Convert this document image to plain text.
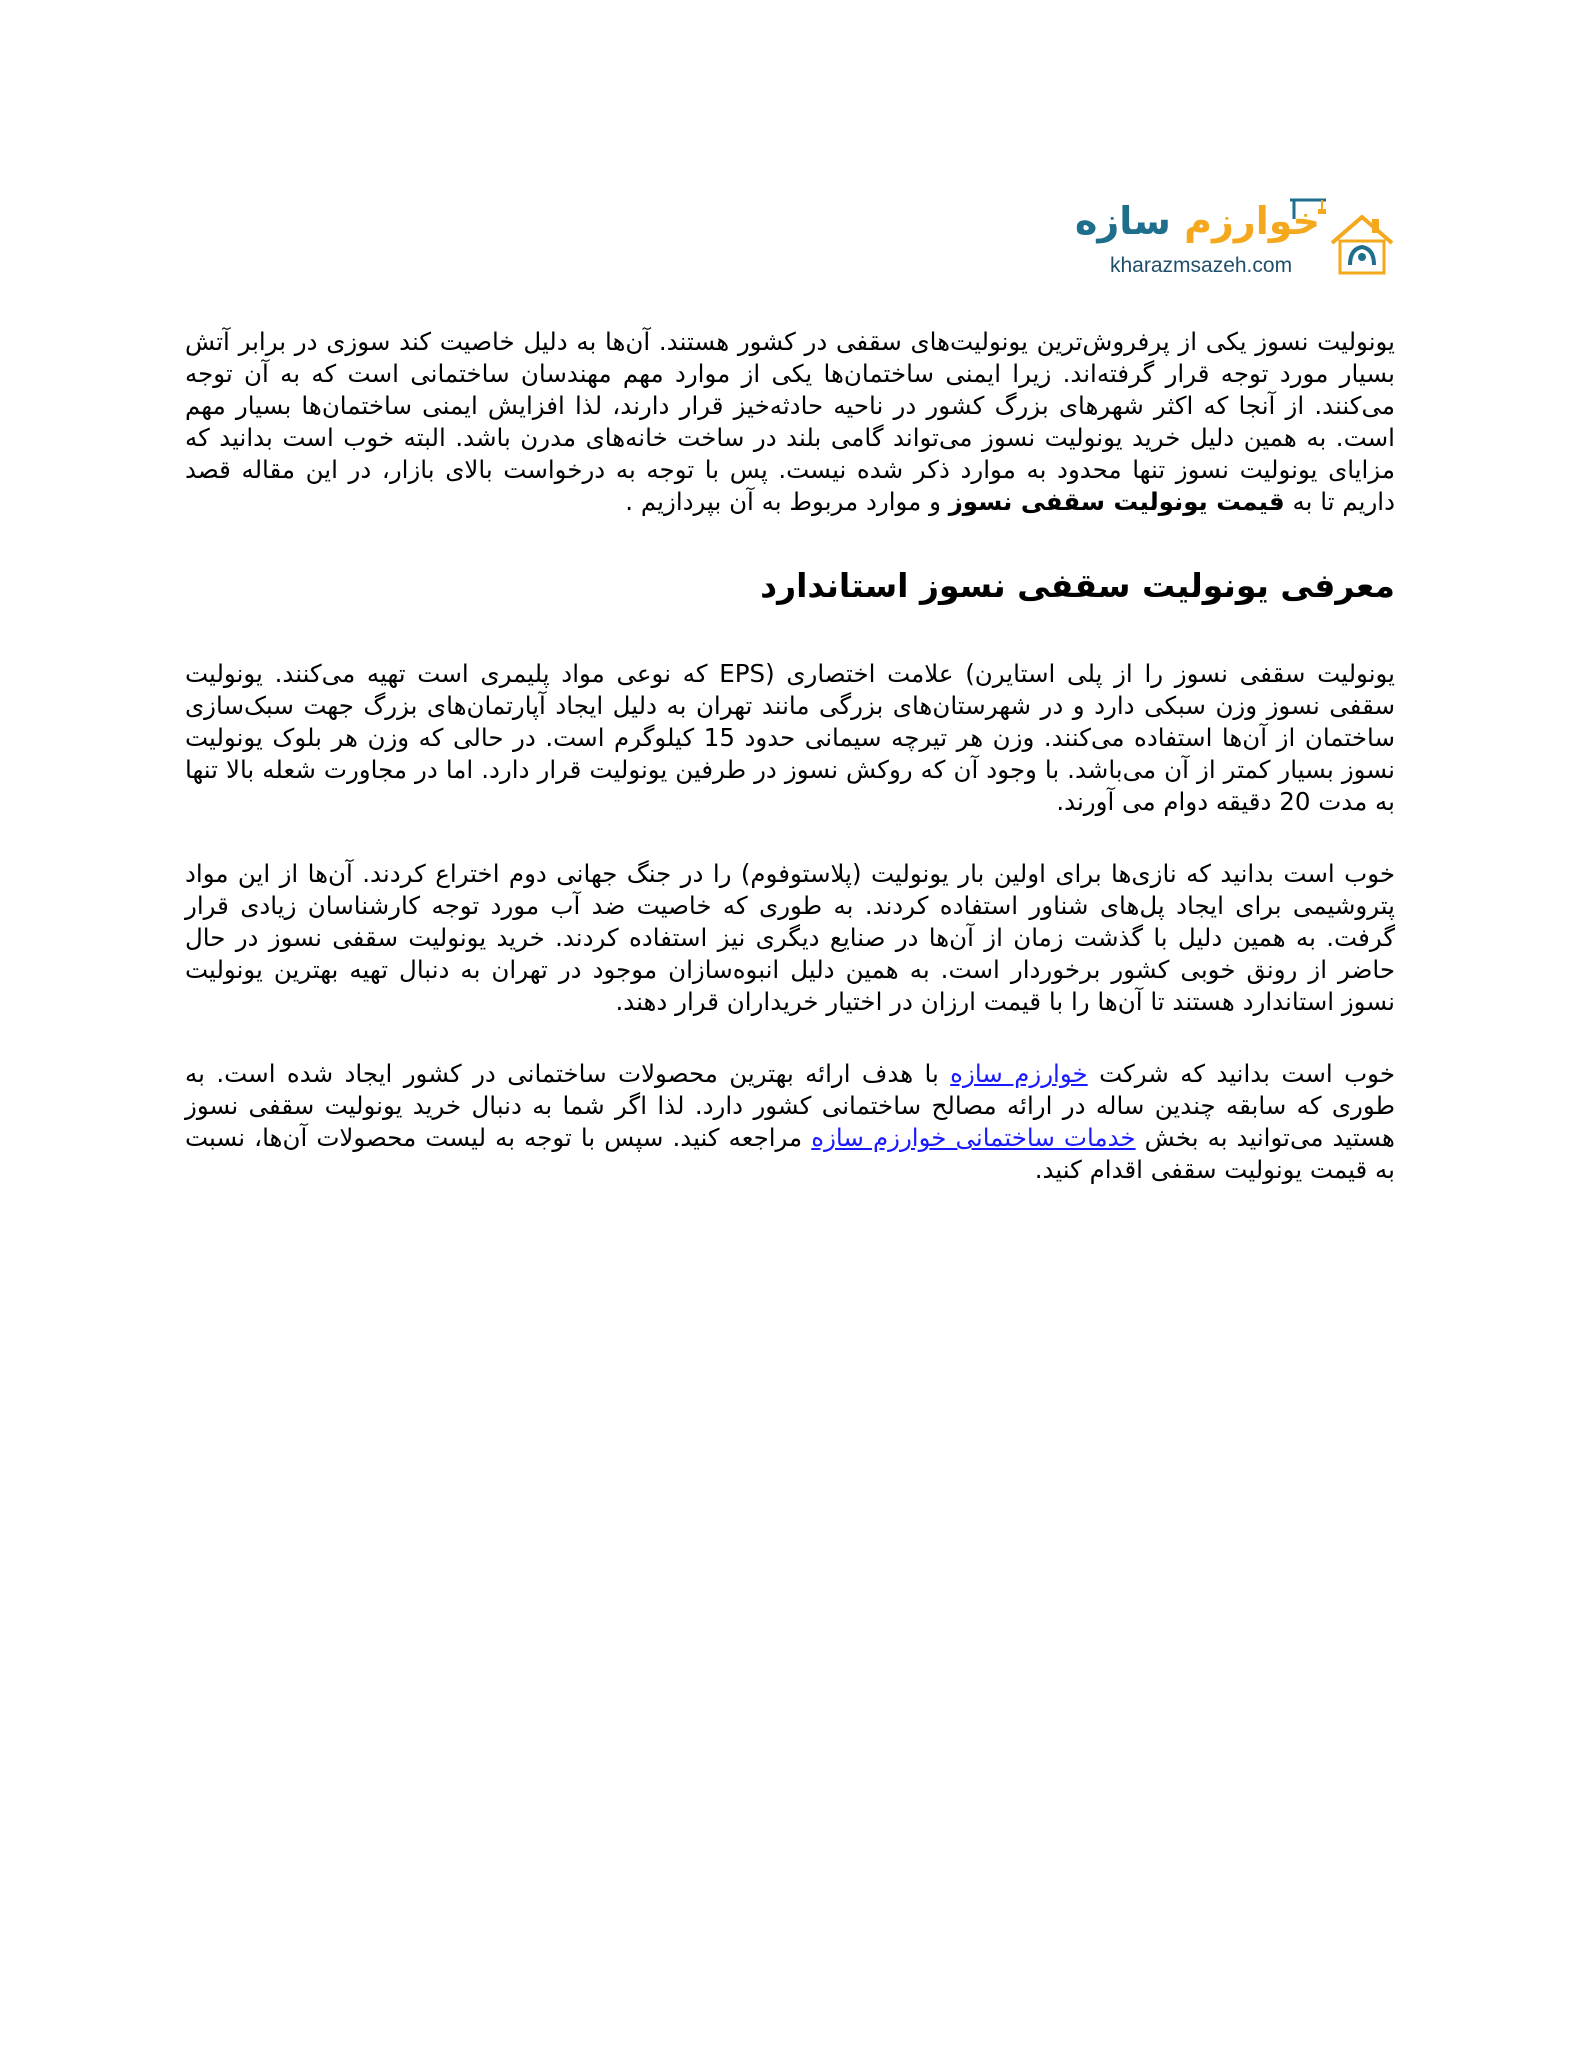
خوارزم سازه
kharazmsazeh.com

یونولیت نسوز یکی از پرفروش‌ترین یونولیت‌های سقفی در کشور هستند. آن‌ها به دلیل خاصیت کند سوزی در برابر آتش بسیار مورد توجه قرار گرفته‌اند. زیرا ایمنی ساختمان‌ها یکی از موارد مهم مهندسان ساختمانی است که به آن توجه می‌کنند. از آنجا که اکثر شهرهای بزرگ کشور در ناحیه حادثه‌خیز قرار دارند، لذا افزایش ایمنی ساختمان‌ها بسیار مهم است. به همین دلیل خرید یونولیت نسوز می‌تواند گامی بلند در ساخت خانه‌های مدرن باشد. البته خوب است بدانید که مزایای یونولیت نسوز تنها محدود به موارد ذکر شده نیست. پس با توجه به درخواست بالای بازار، در این مقاله قصد داریم تا به قیمت یونولیت سقفی نسوز و موارد مربوط به آن بپردازیم .

معرفی یونولیت سقفی نسوز استاندارد

یونولیت سقفی نسوز را از پلی استایرن) علامت اختصاری (EPS که نوعی مواد پلیمری است تهیه می‌کنند. یونولیت سقفی نسوز وزن سبکی دارد و در شهرستان‌های بزرگی مانند تهران به دلیل ایجاد آپارتمان‌های بزرگ جهت سبک‌سازی ساختمان از آن‌ها استفاده می‌کنند. وزن هر تیرچه سیمانی حدود 15 کیلوگرم است. در حالی که وزن هر بلوک یونولیت نسوز بسیار کمتر از آن می‌باشد. با وجود آن که روکش نسوز در طرفین یونولیت قرار دارد. اما در مجاورت شعله بالا تنها به مدت 20 دقیقه دوام می آورند.

خوب است بدانید که نازی‌ها برای اولین بار یونولیت (پلاستوفوم) را در جنگ جهانی دوم اختراع کردند. آن‌ها از این مواد پتروشیمی برای ایجاد پل‌های شناور استفاده کردند. به طوری که خاصیت ضد آب مورد توجه کارشناسان زیادی قرار گرفت. به همین دلیل با گذشت زمان از آن‌ها در صنایع دیگری نیز استفاده کردند. خرید یونولیت سقفی نسوز در حال حاضر از رونق خوبی کشور برخوردار است. به همین دلیل انبوه‌سازان موجود در تهران به دنبال تهیه بهترین یونولیت نسوز استاندارد هستند تا آن‌ها را با قیمت ارزان در اختیار خریداران قرار دهند.

خوب است بدانید که شرکت خوارزم سازه با هدف ارائه بهترین محصولات ساختمانی در کشور ایجاد شده است. به طوری که سابقه چندین ساله در ارائه مصالح ساختمانی کشور دارد. لذا اگر شما به دنبال خرید یونولیت سقفی نسوز هستید می‌توانید به بخش خدمات ساختمانی خوارزم سازه مراجعه کنید. سپس با توجه به لیست محصولات آن‌ها، نسبت به قیمت یونولیت سقفی اقدام کنید.
